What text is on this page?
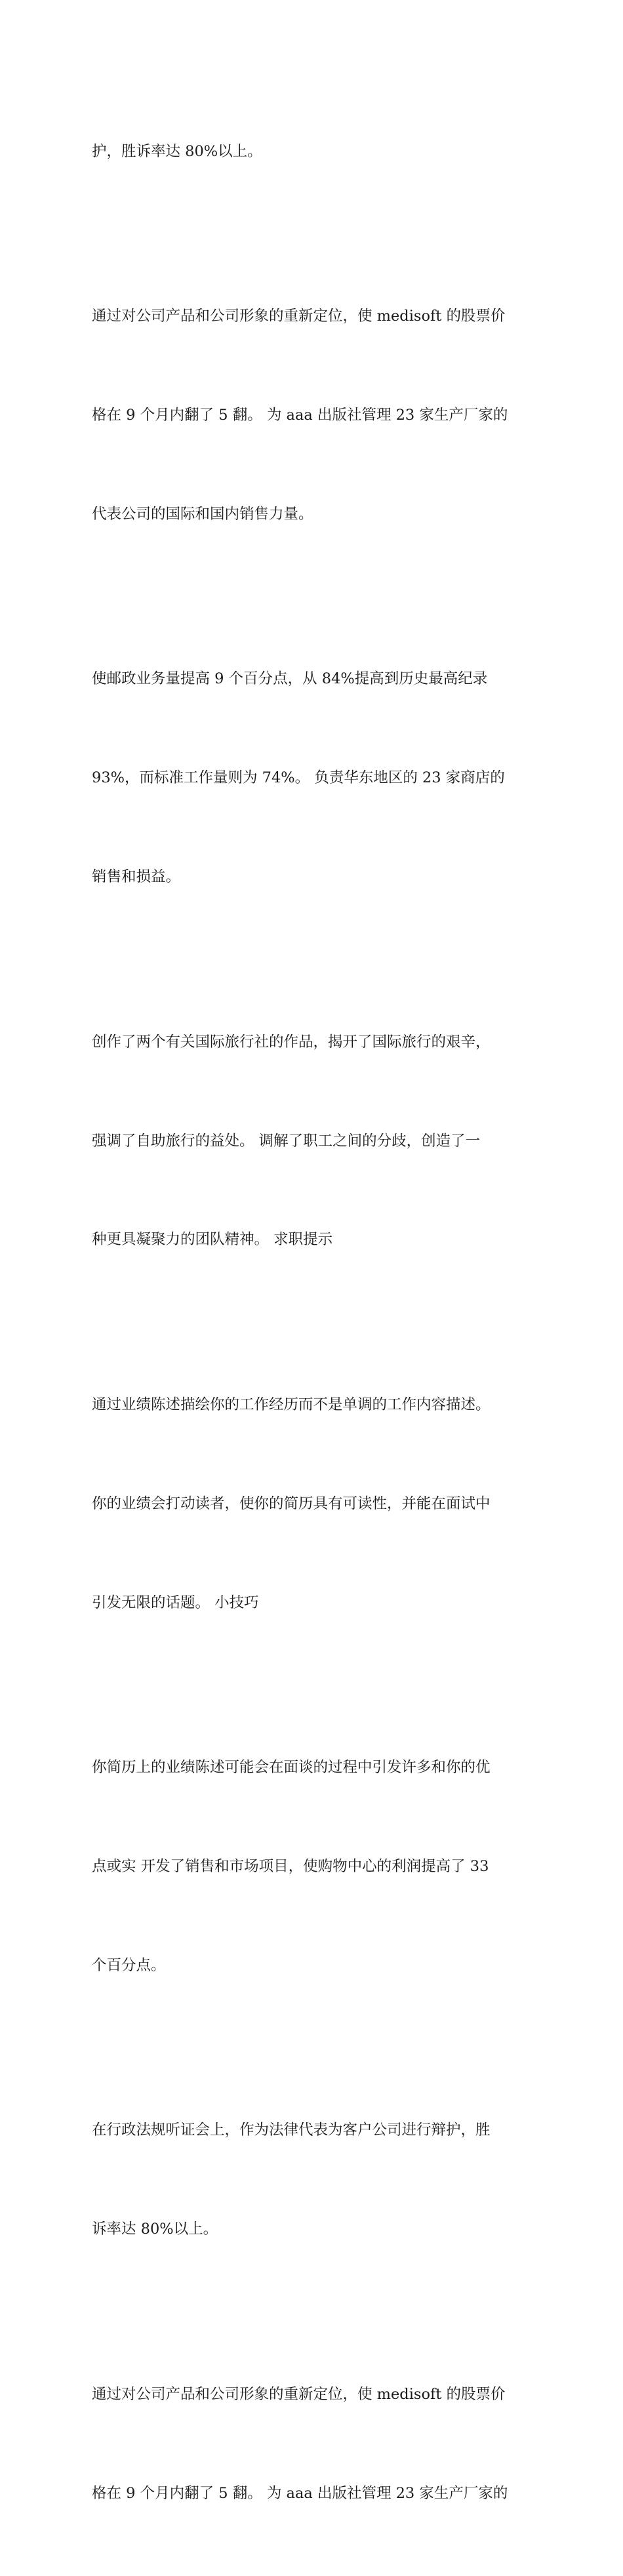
护，胜诉率达 80%以上。

通过对公司产品和公司形象的重新定位，使 medisoft 的股票价

格在 9 个月内翻了 5 翻。 为 aaa 出版社管理 23 家生产厂家的

代表公司的国际和国内销售力量。

使邮政业务量提高 9 个百分点，从 84%提高到历史最高纪录

93%，而标准工作量则为 74%。 负责华东地区的 23 家商店的

销售和损益。

创作了两个有关国际旅行社的作品，揭开了国际旅行的艰辛，

强调了自助旅行的益处。 调解了职工之间的分歧，创造了一

种更具凝聚力的团队精神。 求职提示

通过业绩陈述描绘你的工作经历而不是单调的工作内容描述。

你的业绩会打动读者，使你的简历具有可读性，并能在面试中

引发无限的话题。 小技巧

你简历上的业绩陈述可能会在面谈的过程中引发许多和你的优

点或实 开发了销售和市场项目，使购物中心的利润提高了 33

个百分点。

在行政法规听证会上，作为法律代表为客户公司进行辩护，胜

诉率达 80%以上。

通过对公司产品和公司形象的重新定位，使 medisoft 的股票价

格在 9 个月内翻了 5 翻。 为 aaa 出版社管理 23 家生产厂家的
